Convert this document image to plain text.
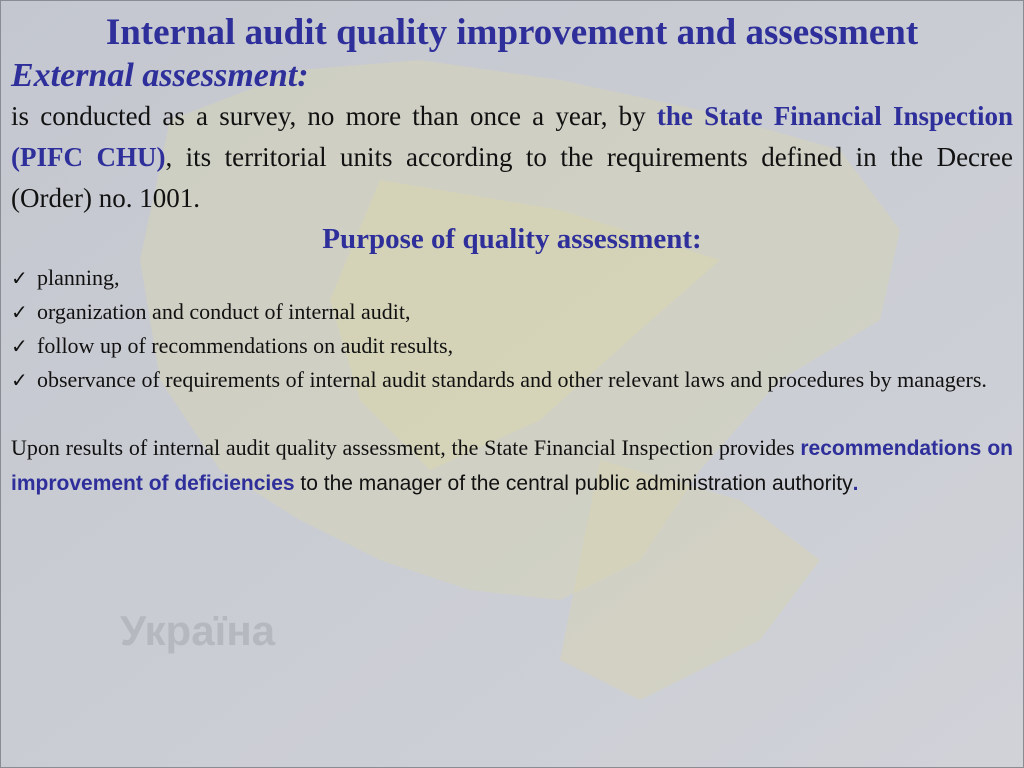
Україна
Internal audit quality improvement and assessment
External assessment:

is conducted as a survey, no more than once a year, by the State Financial Inspection (PIFC CHU), its territorial units according to the requirements defined in the Decree (Order) no. 1001.

Purpose of quality assessment:
✓ planning,
✓ organization and conduct of internal audit,
✓ follow up of recommendations on audit results,
✓ observance of requirements of internal audit standards and other relevant laws and procedures by managers.

Upon results of internal audit quality assessment, the State Financial Inspection provides recommendations on improvement of deficiencies to the manager of the central public administration authority.
